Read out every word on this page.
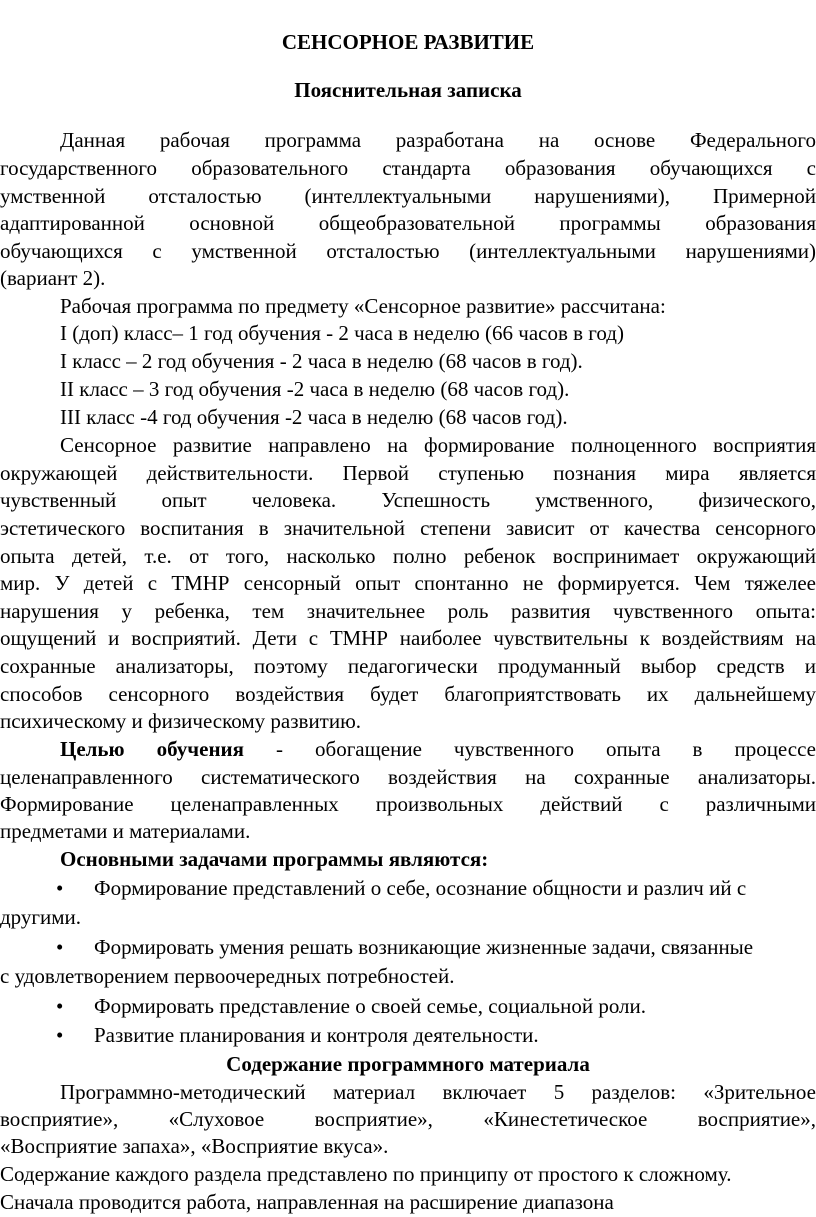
СЕНСОРНОЕ РАЗВИТИЕ
Пояснительная записка
Данная рабочая программа разработана на основе Федерального
государственного образовательного стандарта образования обучающихся с
умственной отсталостью (интеллектуальными нарушениями), Примерной
адаптированной основной общеобразовательной программы образования
обучающихся с умственной отсталостью (интеллектуальными нарушениями)
(вариант 2).
Рабочая программа по предмету «Сенсорное развитие» рассчитана:
I (доп) класс– 1 год обучения - 2 часа в неделю (66 часов в год)
I класс – 2 год обучения - 2 часа в неделю (68 часов в год).
II класс – 3 год обучения -2 часа в неделю (68 часов год).
III класс -4 год обучения -2 часа в неделю (68 часов год).
Сенсорное развитие направлено на формирование полноценного восприятия
окружающей действительности. Первой ступенью познания мира является
чувственный опыт человека. Успешность умственного, физического,
эстетического воспитания в значительной степени зависит от качества сенсорного
опыта детей, т.е. от того, насколько полно ребенок воспринимает окружающий
мир. У детей с ТМНР сенсорный опыт спонтанно не формируется. Чем тяжелее
нарушения у ребенка, тем значительнее роль развития чувственного опыта:
ощущений и восприятий. Дети с ТМНР наиболее чувствительны к воздействиям на
сохранные анализаторы, поэтому педагогически продуманный выбор средств и
способов сенсорного воздействия будет благоприятствовать их дальнейшему
психическому и физическому развитию.
Целью обучения - обогащение чувственного опыта в процессе
целенаправленного систематического воздействия на сохранные анализаторы.
Формирование целенаправленных произвольных действий с различными
предметами и материалами.
Основными задачами программы являются:
• Формирование представлений о себе, осознание общности и различ ий с
другими.
• Формировать умения решать возникающие жизненные задачи, связанные
с удовлетворением первоочередных потребностей.
• Формировать представление о своей семье, социальной роли.
• Развитие планирования и контроля деятельности.
Содержание программного материала
Программно-методический материал включает 5 разделов: «Зрительное
восприятие», «Слуховое восприятие», «Кинестетическое восприятие»,
«Восприятие запаха», «Восприятие вкуса».
Содержание каждого раздела представлено по принципу от простого к сложному.
Сначала проводится работа, направленная на расширение диапазона
